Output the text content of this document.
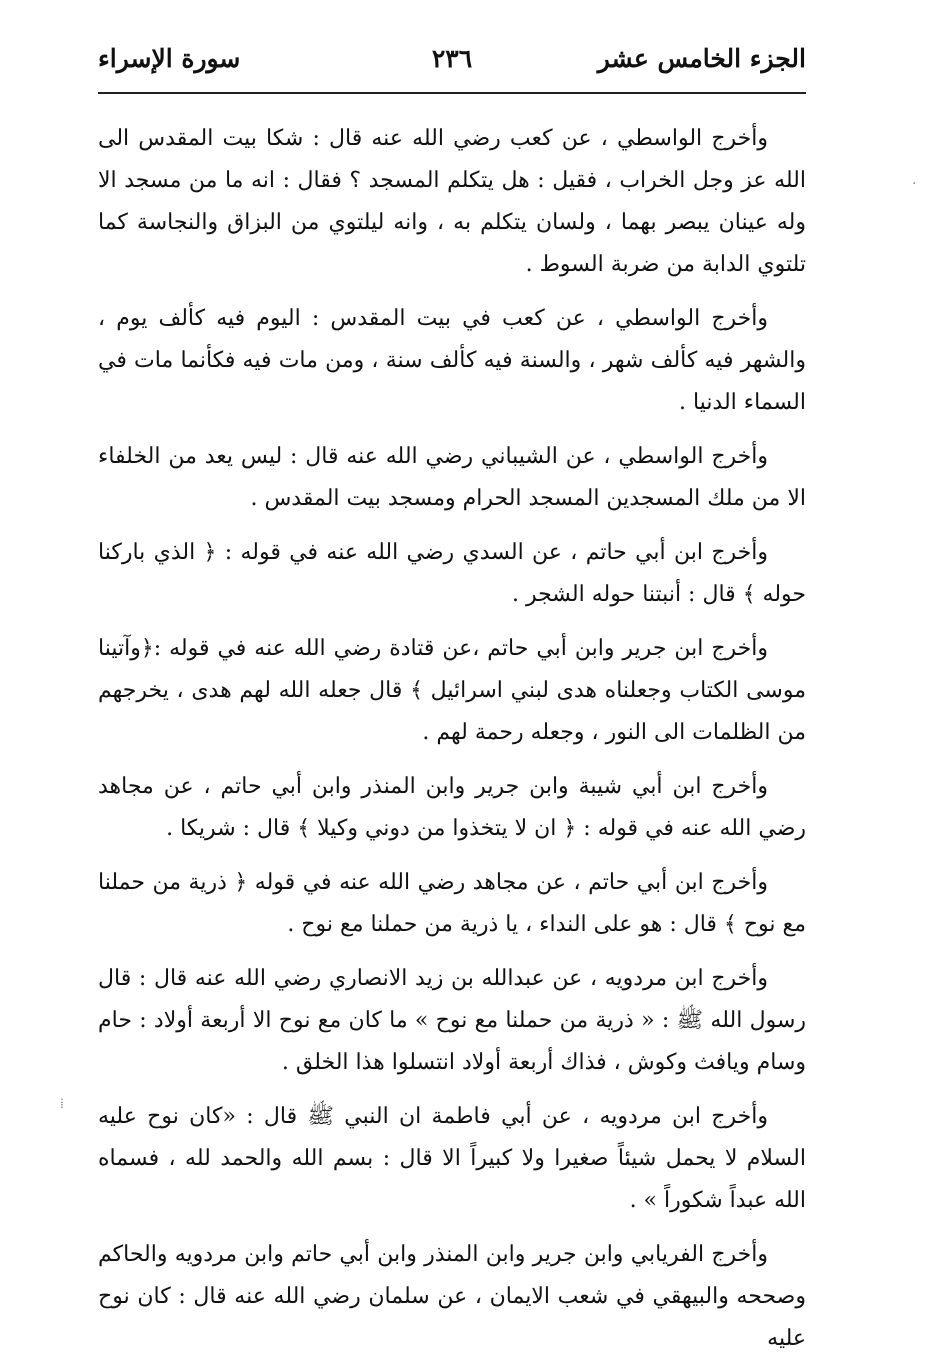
الجزء الخامس عشر
٢٣٦
سورة الإسراء

وأخرج الواسطي ، عن كعب رضي الله عنه قال : شكا بيت المقدس الى الله عز وجل الخراب ، فقيل : هل يتكلم المسجد ؟ فقال : انه ما من مسجد الا وله عينان يبصر بهما ، ولسان يتكلم به ، وانه ليلتوي من البزاق والنجاسة كما تلتوي الدابة من ضربة السوط .

وأخرج الواسطي ، عن كعب في بيت المقدس : اليوم فيه كألف يوم ، والشهر فيه كألف شهر ، والسنة فيه كألف سنة ، ومن مات فيه فكأنما مات في السماء الدنيا .

وأخرج الواسطي ، عن الشيباني رضي الله عنه قال : ليس يعد من الخلفاء الا من ملك المسجدين المسجد الحرام ومسجد بيت المقدس .

وأخرج ابن أبي حاتم ، عن السدي رضي الله عنه في قوله : ﴿ الذي باركنا حوله ﴾ قال : أنبتنا حوله الشجر .

وأخرج ابن جرير وابن أبي حاتم ،عن قتادة رضي الله عنه في قوله :﴿وآتينا موسى الكتاب وجعلناه هدى لبني اسرائيل ﴾ قال جعله الله لهم هدى ، يخرجهم من الظلمات الى النور ، وجعله رحمة لهم .

وأخرج ابن أبي شيبة وابن جرير وابن المنذر وابن أبي حاتم ، عن مجاهد رضي الله عنه في قوله : ﴿ ان لا يتخذوا من دوني وكيلا ﴾ قال : شريكا .

وأخرج ابن أبي حاتم ، عن مجاهد رضي الله عنه في قوله ﴿ ذرية من حملنا مع نوح ﴾ قال : هو على النداء ، يا ذرية من حملنا مع نوح .

وأخرج ابن مردويه ، عن عبدالله بن زيد الانصاري رضي الله عنه قال : قال رسول الله ﷺ : « ذرية من حملنا مع نوح » ما كان مع نوح الا أربعة أولاد : حام وسام ويافث وكوش ، فذاك أربعة أولاد انتسلوا هذا الخلق .

وأخرج ابن مردويه ، عن أبي فاطمة ان النبي ﷺ قال : «كان نوح عليه السلام لا يحمل شيئاً صغيرا ولا كبيراً الا قال : بسم الله والحمد لله ، فسماه الله عبداً شكوراً » .

وأخرج الفريابي وابن جرير وابن المنذر وابن أبي حاتم وابن مردويه والحاكم وصححه والبيهقي في شعب الايمان ، عن سلمان رضي الله عنه قال : كان نوح عليه

·
⁞
